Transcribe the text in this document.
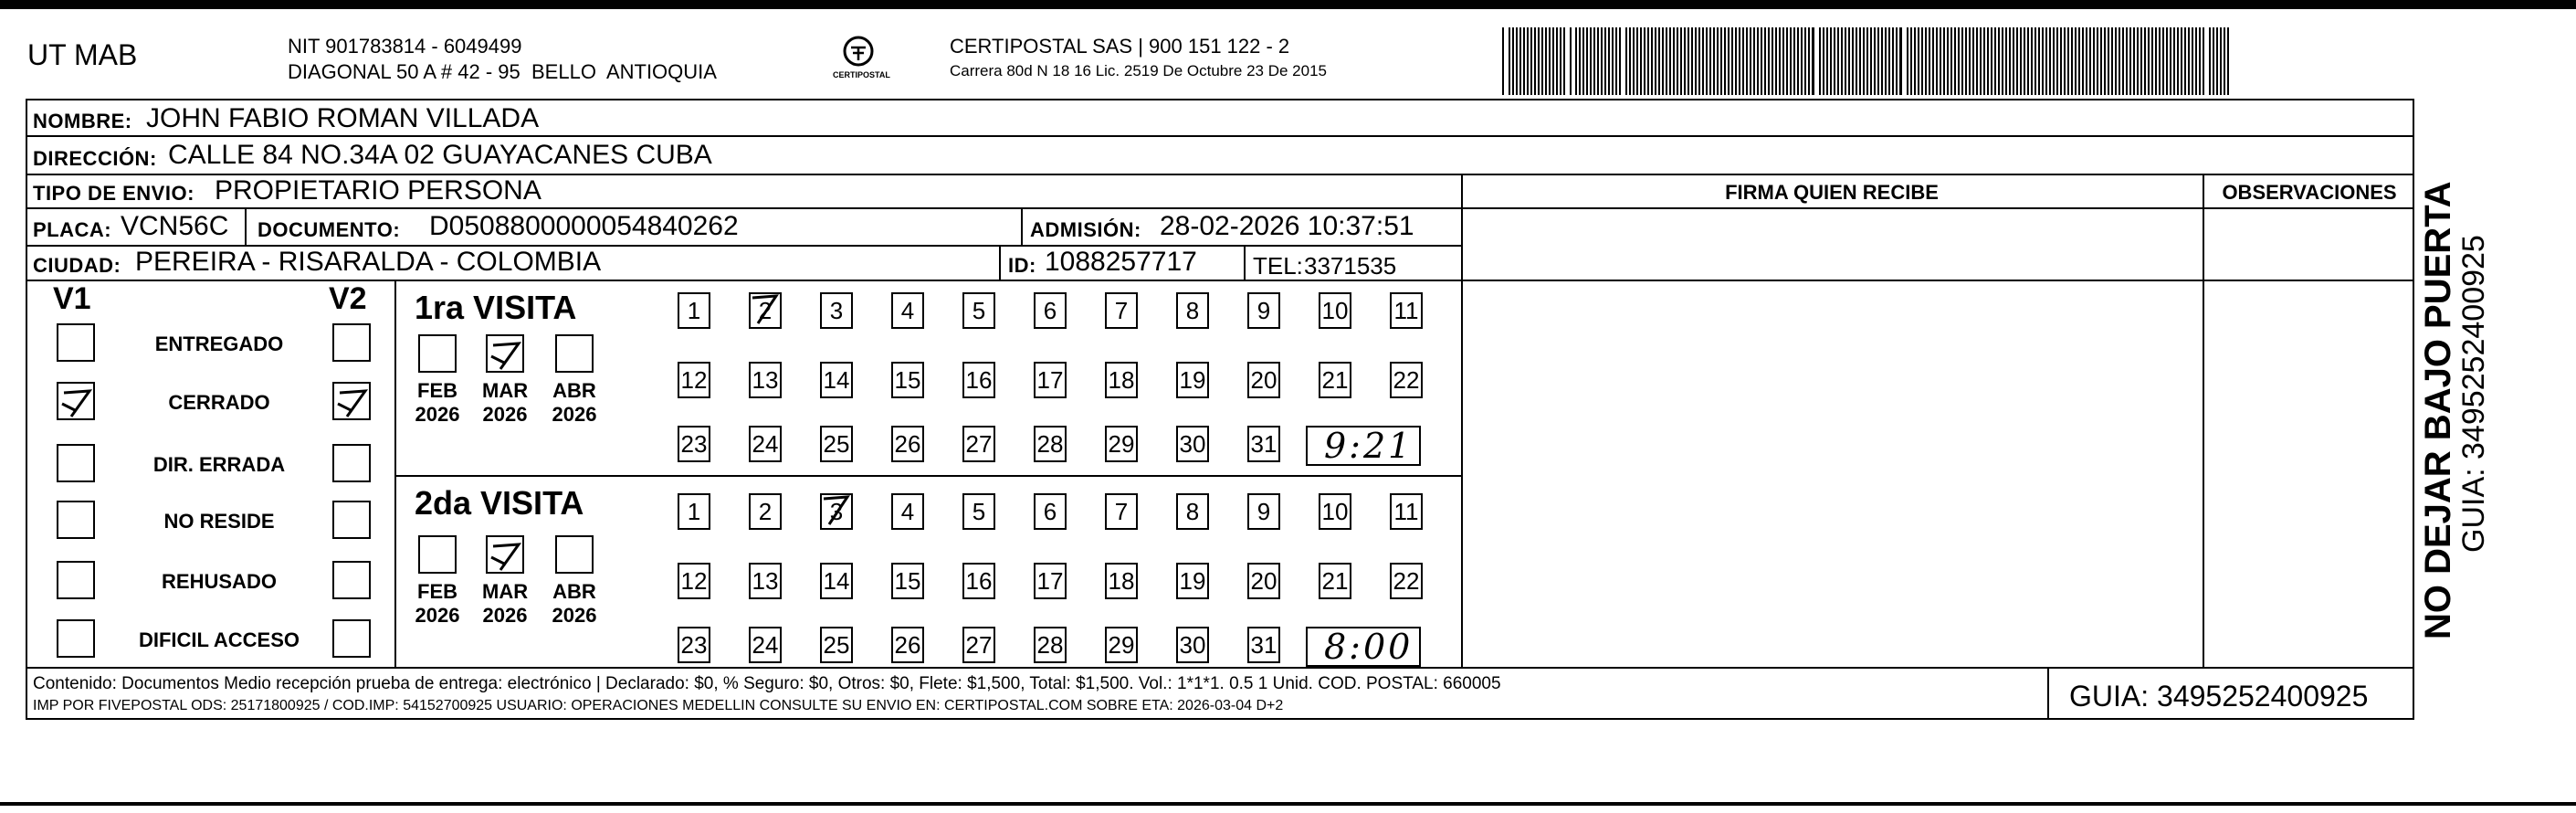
UT MAB	NIT 901783814 - 6049499
DIAGONAL 50 A # 42 - 95  BELLO  ANTIOQUIA	CERTIPOSTAL
CERTIPOSTAL SAS | 900 151 122 - 2
Carrera 80d N 18 16 Lic. 2519 De Octubre 23 De 2015
NOMBRE: JOHN FABIO ROMAN VILLADA
DIRECCIÓN: CALLE 84 NO.34A 02 GUAYACANES CUBA
TIPO DE ENVIO: PROPIETARIO PERSONA	FIRMA QUIEN RECIBE	OBSERVACIONES
PLACA: VCN56C DOCUMENTO: D0508800000054840262	ADMISIÓN: 28-02-2026 10:37:51
CIUDAD: PEREIRA - RISARALDA - COLOMBIA	ID: 1088257717 TEL: 3371535
V1	V2
ENTREGADO
CERRADO
DIR. ERRADA
NO RESIDE
REHUSADO
DIFICIL ACCESO
1ra VISITA
2da VISITA
FEB
2026
MAR
2026
ABR
2026
1	2	3	4	5	6	7	8	9	10 11
12 13 14 15 16 17 18 19 20 21 22
23 24 25 26 27 28 29 30 31 9:21
FEB
2026
MAR
2026
ABR
2026
1	2	3	4	5	6	7	8	9	10 11
12 13 14 15 16 17 18 19 20 21 22
23 24 25 26 27 28 29 30 31 8:00
Contenido: Documentos Medio recepción prueba de entrega: electrónico | Declarado: $0, % Seguro: $0, Otros: $0, Flete: $1,500, Total: $1,500. Vol.: 1*1*1. 0.5 1 Unid. COD. POSTAL: 660005
IMP POR FIVEPOSTAL ODS: 25171800925 / COD.IMP: 54152700925 USUARIO: OPERACIONES MEDELLIN CONSULTE SU ENVIO EN: CERTIPOSTAL.COM SOBRE ETA: 2026-03-04 D+2	GUIA: 3495252400925
NO DEJAR BAJO PUERTA
GUIA: 3495252400925
